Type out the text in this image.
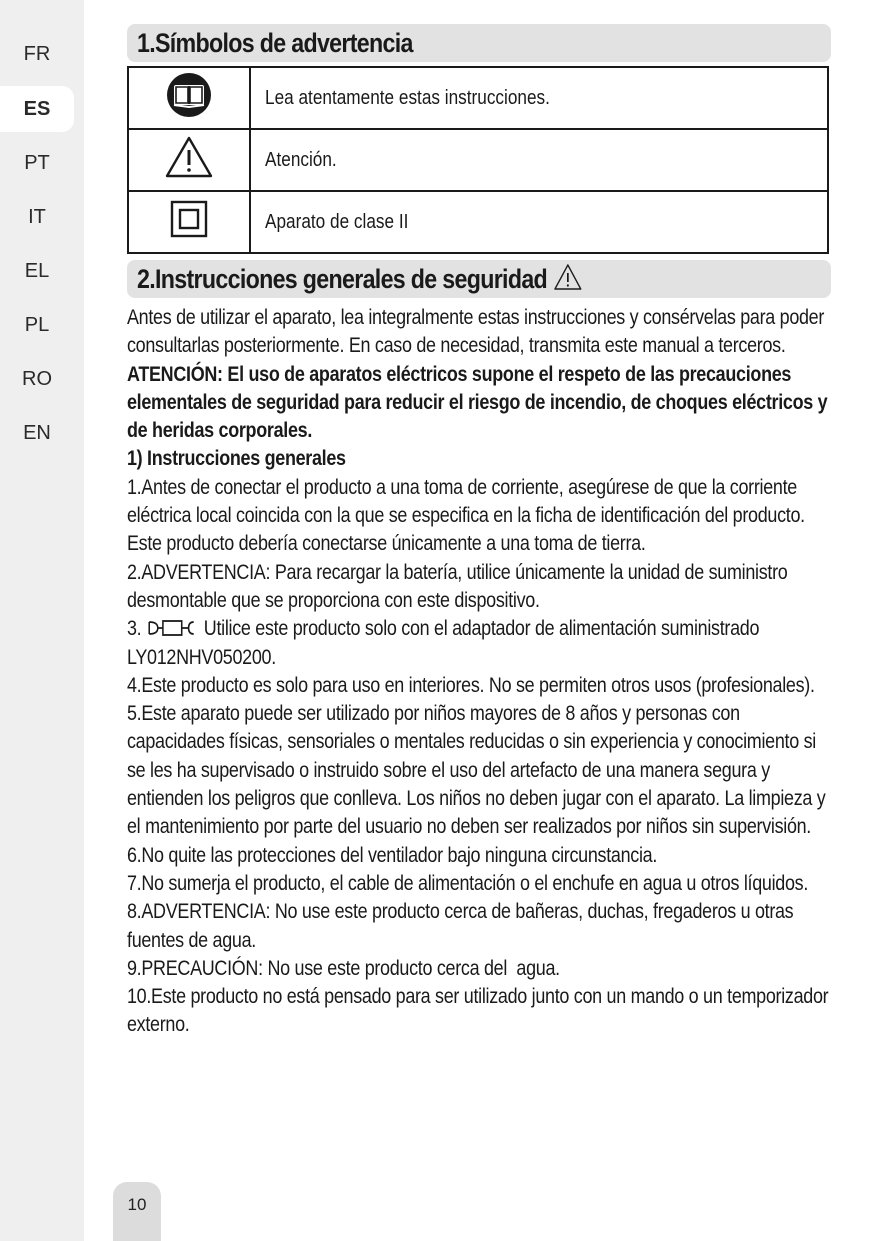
FR
ES
PT
IT
EL
PL
RO
EN
10
1.Símbolos de advertencia
	Lea atentamente estas instrucciones.
	Atención.
	Aparato de clase II
2.Instrucciones generales de seguridad

Antes de utilizar el aparato, lea integralmente estas instrucciones y consérvelas para poder consultarlas posteriormente. En caso de necesidad, transmita este manual a terceros.

ATENCIÓN: El uso de aparatos eléctricos supone el respeto de las precauciones elementales de seguridad para reducir el riesgo de incendio, de choques eléctricos y de heridas corporales.

1) Instrucciones generales

1.Antes de conectar el producto a una toma de corriente, asegúrese de que la corriente eléctrica local coincida con la que se especifica en la ficha de identificación del producto. Este producto debería conectarse únicamente a una toma de tierra.

2.ADVERTENCIA: Para recargar la batería, utilice únicamente la unidad de suministro desmontable que se proporciona con este dispositivo.

3.	Utilice este producto solo con el adaptador de alimentación suministrado LY012NHV050200.

4.Este producto es solo para uso en interiores. No se permiten otros usos (profesionales).

5.Este aparato puede ser utilizado por niños mayores de 8 años y personas con capacidades físicas, sensoriales o mentales reducidas o sin experiencia y conocimiento si se les ha supervisado o instruido sobre el uso del artefacto de una manera segura y entienden los peligros que conlleva. Los niños no deben jugar con el aparato. La limpieza y el mantenimiento por parte del usuario no deben ser realizados por niños sin supervisión.

6.No quite las protecciones del ventilador bajo ninguna circunstancia.

7.No sumerja el producto, el cable de alimentación o el enchufe en agua u otros líquidos.

8.ADVERTENCIA: No use este producto cerca de bañeras, duchas, fregaderos u otras fuentes de agua.

9.PRECAUCIÓN: No use este producto cerca del  agua.

10.Este producto no está pensado para ser utilizado junto con un mando o un temporizador externo.
